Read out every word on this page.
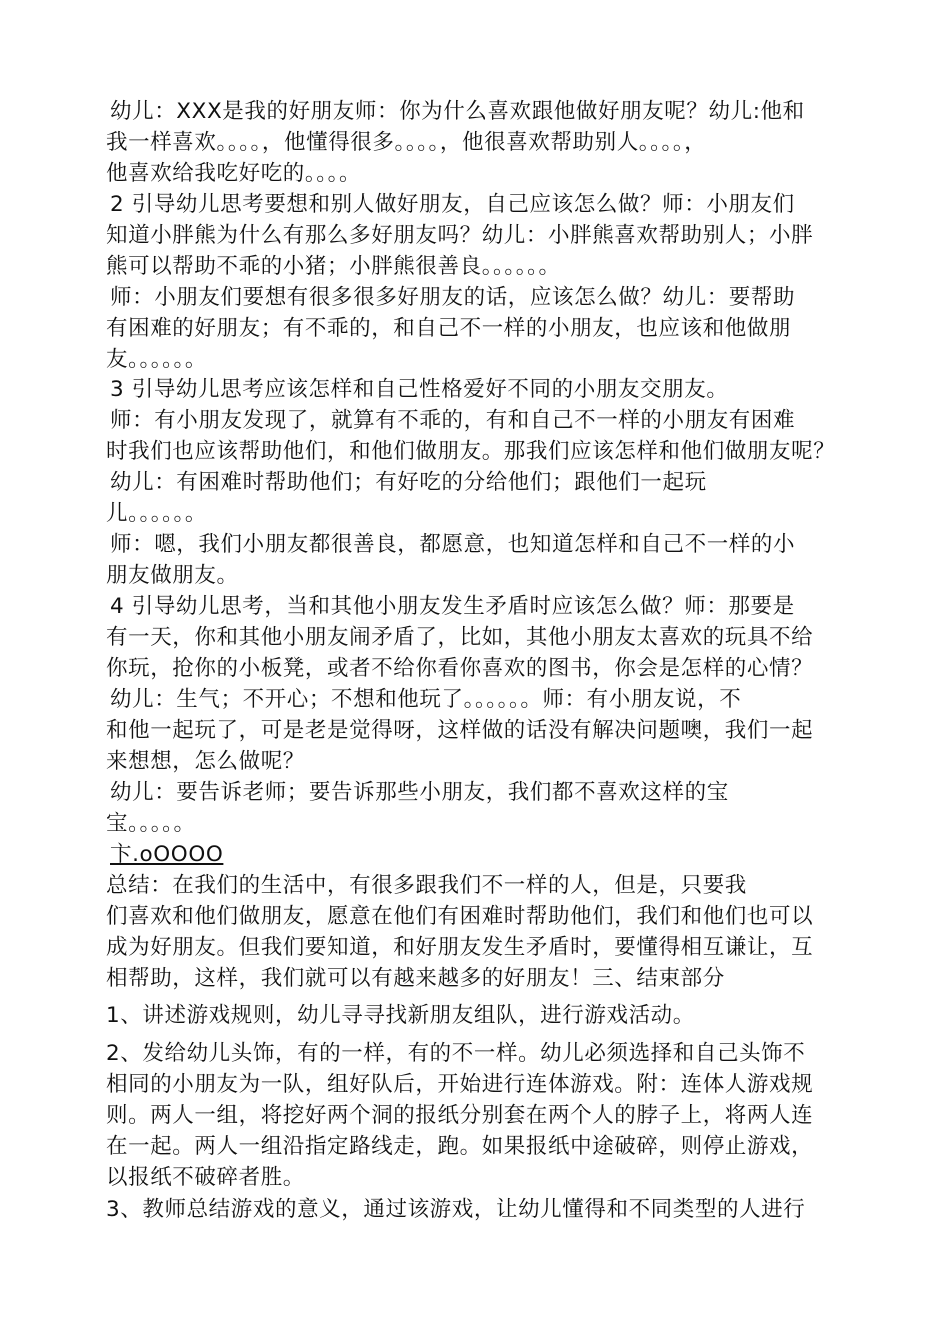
幼儿：XXX是我的好朋友师：你为什么喜欢跟他做好朋友呢？幼儿:他和
我一样喜欢。。。。，他懂得很多。。。。，他很喜欢帮助别人。。。。，
他喜欢给我吃好吃的。。。。
2 引导幼儿思考要想和别人做好朋友，自己应该怎么做？师：小朋友们
知道小胖熊为什么有那么多好朋友吗？幼儿：小胖熊喜欢帮助别人；小胖
熊可以帮助不乖的小猪；小胖熊很善良。。。。。。
师：小朋友们要想有很多很多好朋友的话，应该怎么做？幼儿：要帮助
有困难的好朋友；有不乖的，和自己不一样的小朋友，也应该和他做朋
友。。。。。。
3 引导幼儿思考应该怎样和自己性格爱好不同的小朋友交朋友。
师：有小朋友发现了，就算有不乖的，有和自己不一样的小朋友有困难
时我们也应该帮助他们，和他们做朋友。那我们应该怎样和他们做朋友呢？
幼儿：有困难时帮助他们；有好吃的分给他们；跟他们一起玩
儿。。。。。。
师：嗯，我们小朋友都很善良，都愿意，也知道怎样和自己不一样的小
朋友做朋友。
4 引导幼儿思考，当和其他小朋友发生矛盾时应该怎么做？师：那要是
有一天，你和其他小朋友闹矛盾了，比如，其他小朋友太喜欢的玩具不给
你玩，抢你的小板凳，或者不给你看你喜欢的图书，你会是怎样的心情？
幼儿：生气；不开心；不想和他玩了。。。。。。师：有小朋友说，不
和他一起玩了，可是老是觉得呀，这样做的话没有解决问题噢，我们一起
来想想，怎么做呢？
幼儿：要告诉老师；要告诉那些小朋友，我们都不喜欢这样的宝
宝。。。。。
卞.oOOOO
总结：在我们的生活中，有很多跟我们不一样的人，但是，只要我
们喜欢和他们做朋友，愿意在他们有困难时帮助他们，我们和他们也可以
成为好朋友。但我们要知道，和好朋友发生矛盾时，要懂得相互谦让，互
相帮助，这样，我们就可以有越来越多的好朋友！三、结束部分
1、讲述游戏规则，幼儿寻寻找新朋友组队，进行游戏活动。
2、发给幼儿头饰，有的一样，有的不一样。幼儿必须选择和自己头饰不
相同的小朋友为一队，组好队后，开始进行连体游戏。附：连体人游戏规
则。两人一组，将挖好两个洞的报纸分别套在两个人的脖子上，将两人连
在一起。两人一组沿指定路线走，跑。如果报纸中途破碎，则停止游戏，
以报纸不破碎者胜。
3、教师总结游戏的意义，通过该游戏，让幼儿懂得和不同类型的人进行
